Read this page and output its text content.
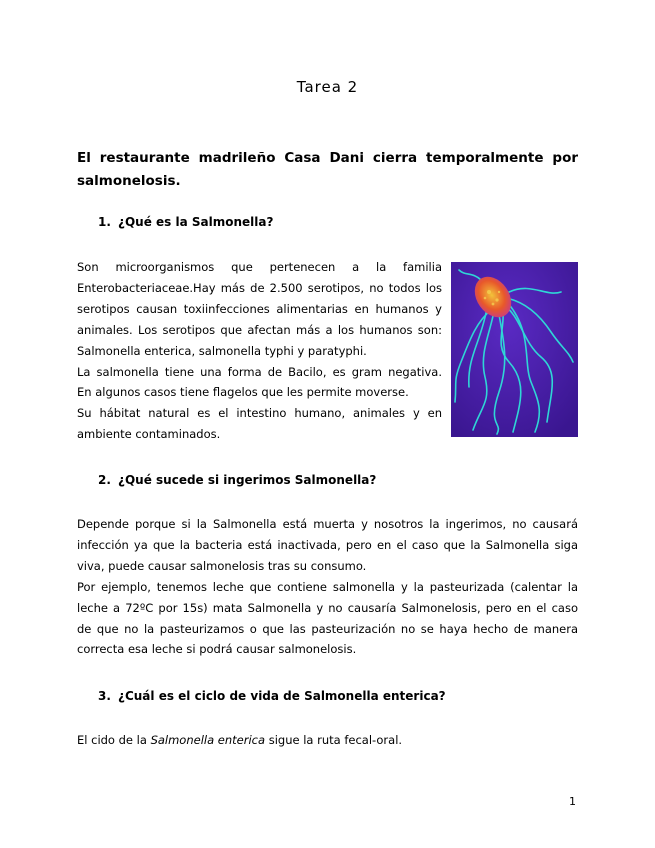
Tarea 2
El restaurante madrileño Casa Dani cierra temporalmente por
salmonelosis.
1. ¿Qué es la Salmonella?
Son microorganismos que pertenecen a la familia
Enterobacteriaceae.Hay más de 2.500 serotipos, no todos los
serotipos causan toxiinfecciones alimentarias en humanos y
animales. Los serotipos que afectan más a los humanos son:
Salmonella enterica, salmonella typhi y paratyphi.
La salmonella tiene una forma de Bacilo, es gram negativa.
En algunos casos tiene flagelos que les permite moverse.
Su hábitat natural es el intestino humano, animales y en
ambiente contaminados.
2. ¿Qué sucede si ingerimos Salmonella?
Depende porque si la Salmonella está muerta y nosotros la ingerimos, no causará
infección ya que la bacteria está inactivada, pero en el caso que la Salmonella siga
viva, puede causar salmonelosis tras su consumo.
Por ejemplo, tenemos leche que contiene salmonella y la pasteurizada (calentar la
leche a 72ºC por 15s) mata Salmonella y no causaría Salmonelosis, pero en el caso
de que no la pasteurizamos o que las pasteurización no se haya hecho de manera
correcta esa leche si podrá causar salmonelosis.
3. ¿Cuál es el ciclo de vida de Salmonella enterica?
El cido de la Salmonella enterica sigue la ruta fecal-oral.
1
